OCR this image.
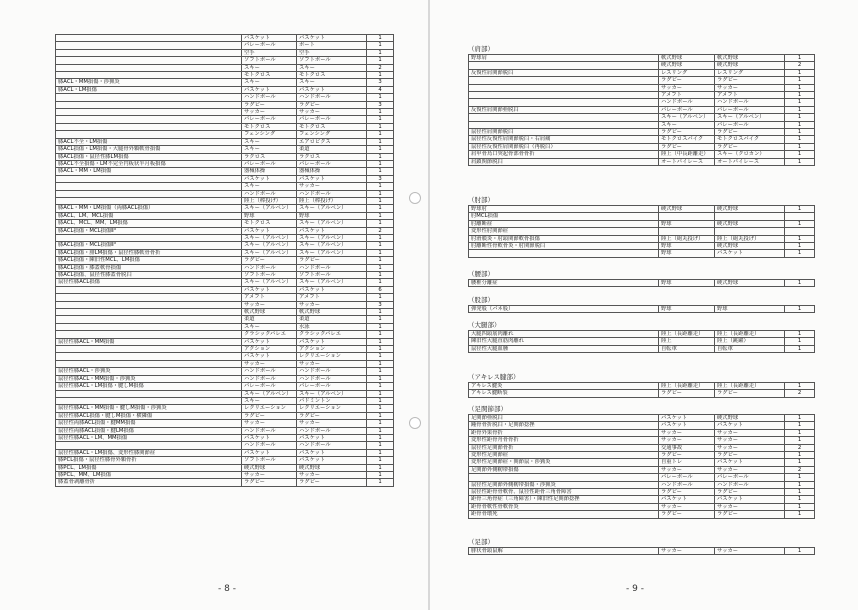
	バスケット	バスケット	1
	バレーボール	ボート	1
	空手	空手	1
	ソフトボール	ソフトボール	1
	スキー	スキー	2
	モトクロス	モトクロス	1
膝ACL・MM損傷・渉猟炎	スキー	スキー	3
膝ACL・LM損傷	バスケット	バスケット	4
	ハンドボール	ハンドボール	1
	ラグビー	ラグビー	3
	サッカー	サッカー	1
	バレーボール	バレーボール	1
	モトクロス	モトクロス	1
	フェンシング	フェンシング	1
膝ACL不全・LM損傷	スキー	エアロビクス	1
膝ACL損傷・LM損傷・大腿骨外顆軟骨損傷	スキー	柔道	1
膝ACL損傷・鼠径性膝LM損傷	ラクロス	ラクロス	1
膝ACL不全損傷・LM不完全円板状半月板損傷	バレーボール	バレーボール	1
膝ACL・MM・LM損傷	器械体操	器械体操	1
	バスケット	バスケット	3
	スキー	サッカー	1
	ハンドボール	ハンドボール	1
	陸上（棒投げ）	陸上（棒投げ）	1
膝ACL・MM・LM損傷（両膝ACL損傷）	スキー（アルペン）	スキー（アルペン）	1
膝ACL、LM、MCL損傷	野球	野球	1
膝ACL、MCL、MM、LM損傷	モトクロス	スキー（アルペン）	1
膝ACL損傷・MCL損傷Ⅱ°	バスケット	バスケット	2
	スキー（アルペン）	スキー（アルペン）	1
膝ACL損傷・MCL損傷Ⅱ°	スキー（アルペン）	スキー（アルペン）	1
膝ACL損傷・腓LM損傷・鼠径性膝軟骨骨折	スキー（アルペン）	スキー（アルペン）	1
膝ACL損傷・陳旧性MCL、LM損傷	ラグビー	ラグビー	1
膝ACL損傷・膝蓋軟骨損傷	ハンドボール	ハンドボール	1
膝ACL損傷、鼠径性膝蓋骨脱臼	ソフトボール	ソフトボール	1
鼠径性膝ACL損傷	スキー（アルペン）	スキー（アルペン）	1
	バスケット	バスケット	6
	アメフト	アメフト	1
	サッカー	サッカー	3
	軟式野球	軟式野球	1
	柔道	柔道	1
	スキー	水泳	1
	クラシックバレエ	クラシックバレエ	1
鼠径性膝ACL・MM損傷	バスケット	バスケット	1
	アクション	アクション	1
	バスケット	レクリエーション	1
	サッカー	サッカー	1
鼠径性膝ACL・渉猟炎	ハンドボール	ハンドボール	1
鼠径性膝ACL・MM損傷・渉猟炎	ハンドボール	ハンドボール	1
鼠径性膝ACL・LM損傷・腱しM損傷	バレーボール	バレーボール	1
	スキー（アルペン）	スキー（アルペン）	1
	スキー	バドミントン	1
鼠径性膝ACL・MM損傷・腱しM損傷・渉猟炎	レクリエーション	レクリエーション	1
鼠径性膝ACL損傷・腱しM損傷・横隣傷	ラグビー	ラグビー	1
鼠径性両膝ACL損傷・腱MM損傷	サッカー	サッカー	1
鼠径性両膝ACL損傷・腱LM損傷	ハンドボール	ハンドボール	1
鼠径性膝ACL・LM、MM損傷	バスケット	バスケット	1
	ハンドボール	ハンドボール	1
鼠径性膝ACL・LM損傷、変形性膝関節症	バスケット	バスケット	1
膝PCL損傷・鼠径性膝骨外顆骨折	ソフトボール	バスケット	1
膝PCL、LM損傷	硬式野球	硬式野球	1
膝PCL、MM、LM損傷	サッカー	サッカー	1
膝蓋骨剥離骨折	ラグビー	ラグビー	1
- 8 -
（肩部）
野球肩	軟式野球	軟式野球	1
	硬式野球	硬式野球	2
反復性肩関節脱臼	レスリング	レスリング	1
	ラグビー	ラグビー	1
	サッカー	サッカー	1
	アメフト	アメフト	1
	ハンドボール	ハンドボール	1
反復性肩関節亜脱臼	バレーボール	バレーボール	1
	スキー（アルペン）	スキー（アルペン）	1
	スキー	バレーボール	1
鼠径性肩関節脱臼	ラグビー	ラグビー	1
鼠径性反復性肩関節脱臼・右肩痛	モトクロスバイク	モトクロスバイク	1
鼠径性反復性肩関節脱臼（再脱臼）	ラグビー	ラグビー	1
肩甲骨烏口突起骨部骨骨折	陸上（中長距離走）	スキー（クロカン）	1
肩鎖関節脱臼	オートバイレース	オートバイレース	1
（肘部）
野球肘	硬式野球	硬式野球	1
肘MCL損傷			
肘離断症	野球	硬式野球	1
変形性肘関節症			
肘滑膜炎・肘頭関節軟骨損傷	陸上（砲丸投げ）	陸上（砲丸投げ）	1
肘離断性骨軟骨炎・肘関節脱臼	野球	硬式野球	1
	野球	バスケット	1
（腰部）
腰椎分離症	野球	硬式野球	1
（股部）
弾発股（バネ股）	野球	野球	1
（大腿部）
大腿四頭筋肉離れ	陸上（長距離走）	陸上（長距離走）	1
陳旧性大腿直筋肉離れ	陸上	陸上（跳躍）	1
鼠径性大腿血腫	自転車	自転車	1
（アキレス腱部）
アキレス腱炎	陸上（長距離走）	陸上（長距離走）	1
アキレス腱断裂	ラグビー	ラグビー	2
（足関節部）
足関節亜脱臼	バスケット	硬式野球	1
踵骨骨折脱臼・足関節捻挫	バスケット	バスケット	1
距骨外果骨折	サッカー	サッカー	1
変形性距骨舟骨骨折	サッカー	サッカー	1
鼠径性足関節骨折	交通事故	サッカー	2
変形性足関節症	ラグビー	ラグビー	1
変形性足関節症・関節鼠・渉猟炎	自重トレ	バスケット	1
足関節外側靭帯損傷	サッカー	サッカー	2
	バレーボール	バレーボール	1
鼠径性足関節外側靭帯損傷・渉猟炎	ハンドボール	ハンドボール	1
鼠径性距骨骨軟骨、鼠径性距骨三角骨障害	ラグビー	ラグビー	1
距骨三角骨症（三角障害）・陳旧性足関節捻挫	バスケット	バスケット	1
距骨骨軟性骨軟骨炎	サッカー	サッカー	1
距骨骨壊死	ラグビー	ラグビー	1
（足部）
腓状骨頭鼠解	サッカー	サッカー	1
- 9 -
